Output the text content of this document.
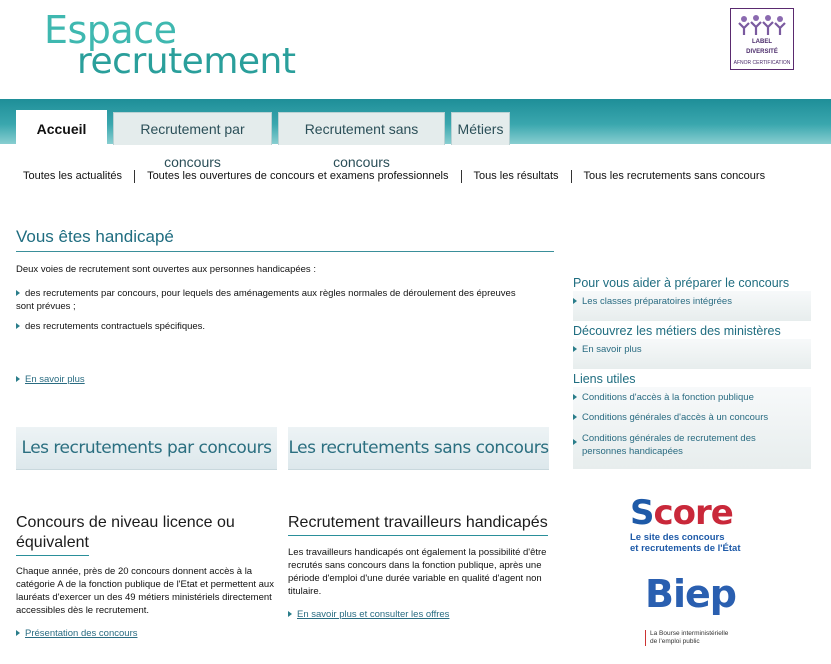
Espace
recrutement	LABEL
DIVERSITÉ
AFNOR CERTIFICATION
Accueil	Recrutement par concours
Recrutement sans concours
Métiers
Toutes les actualités Toutes les ouvertures de concours et examens professionnels Tous les résultats Tous les recrutements sans concours
Vous êtes handicapé
Deux voies de recrutement sont ouvertes aux personnes handicapées :
des recrutements par concours, pour lequels des aménagements aux règles normales de déroulement des épreuves sont prévues ;
des recrutements contractuels spécifiques.
En savoir plus
Les recrutements par concours Les recrutements sans concours
Concours de niveau licence ou
équivalent
Chaque année, près de 20 concours donnent accès à la catégorie A de la fonction publique de l'Etat et permettent aux lauréats d'exercer un des 49 métiers ministériels directement accessibles dès le recrutement.
Présentation des concours
Recrutement travailleurs handicapés
Les travailleurs handicapés ont également la possibilité d'être recrutés sans concours dans la fonction publique, après une période d'emploi d'une durée variable en qualité d'agent non titulaire.
En savoir plus et consulter les offres
Pour vous aider à préparer le concours
Les classes préparatoires intégrées
Découvrez les métiers des ministères
En savoir plus
Liens utiles
Conditions d'accès à la fonction publique
Conditions générales d'accès à un concours
Conditions générales de recrutement des personnes handicapées
Score
Le site des concours
et recrutements de l'État
Biep
La Bourse interministérielle
de l'emploi public
